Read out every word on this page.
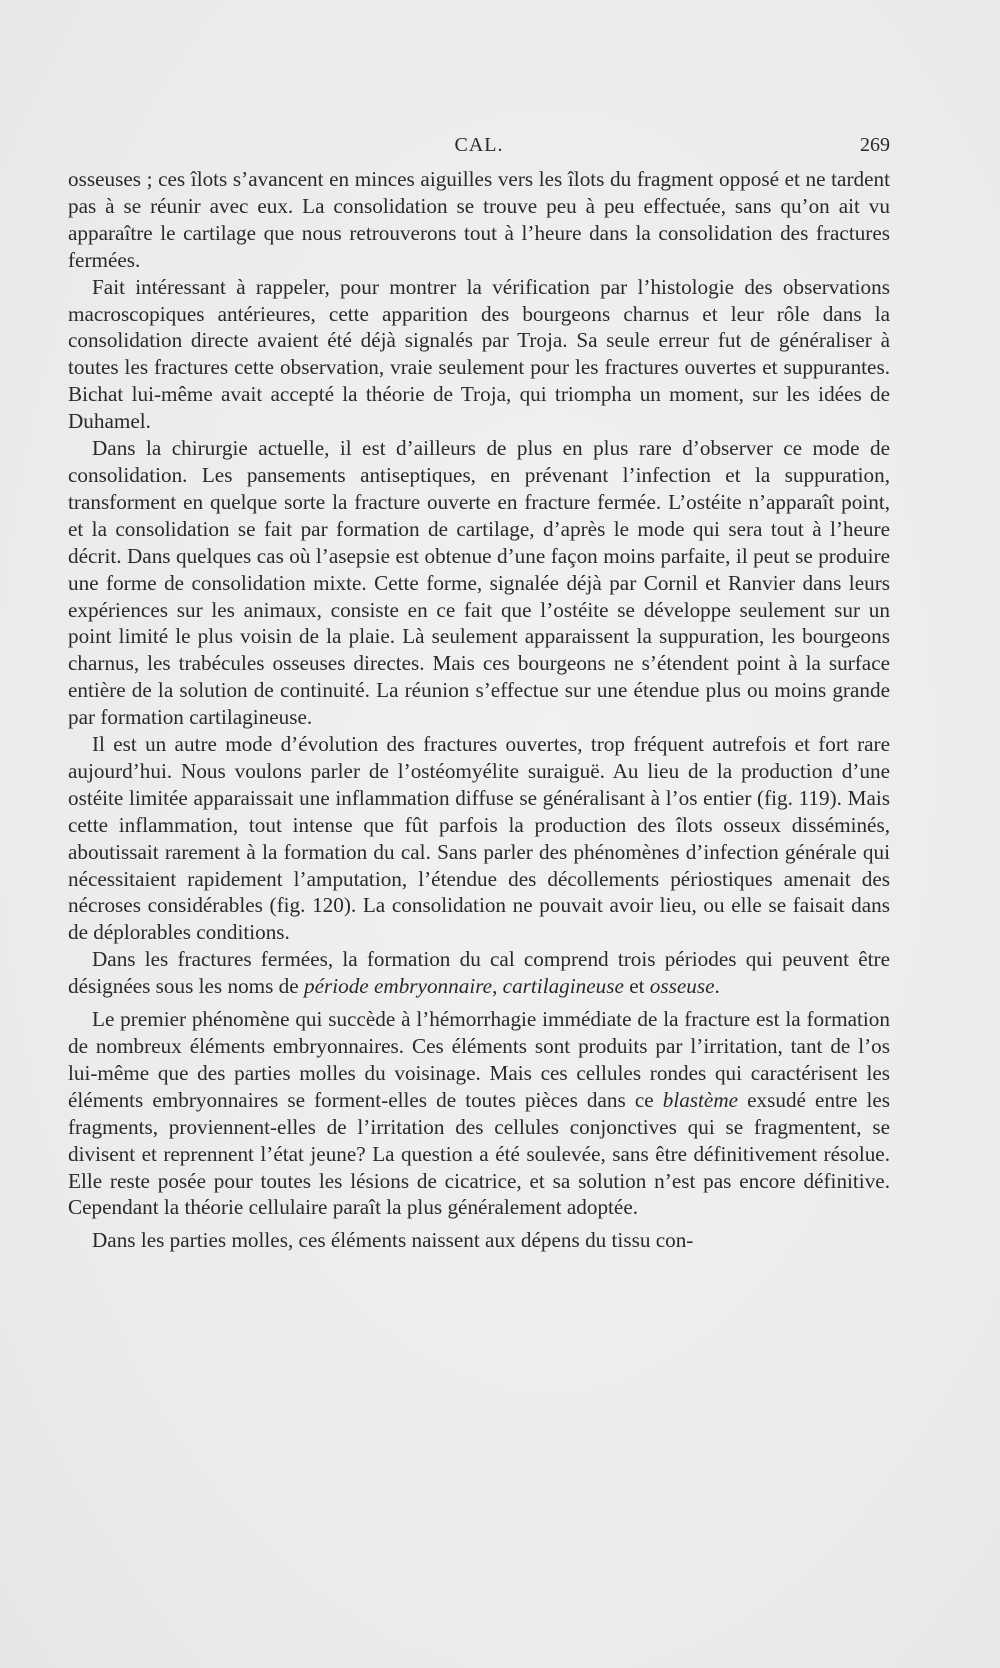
CAL.	269

osseuses ; ces îlots s’avancent en minces aiguilles vers les îlots du fragment opposé et ne tardent pas à se réunir avec eux. La consolidation se trouve peu à peu effectuée, sans qu’on ait vu apparaître le cartilage que nous retrouverons tout à l’heure dans la consolidation des fractures fermées.

Fait intéressant à rappeler, pour montrer la vérification par l’histologie des observations macroscopiques antérieures, cette apparition des bourgeons charnus et leur rôle dans la consolidation directe avaient été déjà signalés par Troja. Sa seule erreur fut de généraliser à toutes les fractures cette observation, vraie seulement pour les fractures ouvertes et suppurantes. Bichat lui-même avait accepté la théorie de Troja, qui triompha un moment, sur les idées de Duhamel.

Dans la chirurgie actuelle, il est d’ailleurs de plus en plus rare d’observer ce mode de consolidation. Les pansements antiseptiques, en prévenant l’infection et la suppuration, transforment en quelque sorte la fracture ouverte en fracture fermée. L’ostéite n’apparaît point, et la consolidation se fait par formation de cartilage, d’après le mode qui sera tout à l’heure décrit. Dans quelques cas où l’asepsie est obtenue d’une façon moins parfaite, il peut se produire une forme de consolidation mixte. Cette forme, signalée déjà par Cornil et Ranvier dans leurs expériences sur les animaux, consiste en ce fait que l’ostéite se développe seulement sur un point limité le plus voisin de la plaie. Là seulement apparaissent la suppuration, les bourgeons charnus, les trabécules osseuses directes. Mais ces bourgeons ne s’étendent point à la surface entière de la solution de continuité. La réunion s’effectue sur une étendue plus ou moins grande par formation cartilagineuse.

Il est un autre mode d’évolution des fractures ouvertes, trop fréquent autrefois et fort rare aujourd’hui. Nous voulons parler de l’ostéomyélite suraiguë. Au lieu de la production d’une ostéite limitée apparaissait une inflammation diffuse se généralisant à l’os entier (fig. 119). Mais cette inflammation, tout intense que fût parfois la production des îlots osseux disséminés, aboutissait rarement à la formation du cal. Sans parler des phénomènes d’infection générale qui nécessitaient rapidement l’amputation, l’étendue des décollements périostiques amenait des nécroses considérables (fig. 120). La consolidation ne pouvait avoir lieu, ou elle se faisait dans de déplorables conditions.

Dans les fractures fermées, la formation du cal comprend trois périodes qui peuvent être désignées sous les noms de période embryonnaire, cartilagineuse et osseuse.

Le premier phénomène qui succède à l’hémorrhagie immédiate de la fracture est la formation de nombreux éléments embryonnaires. Ces éléments sont produits par l’irritation, tant de l’os lui-même que des parties molles du voisinage. Mais ces cellules rondes qui caractérisent les éléments embryonnaires se forment-elles de toutes pièces dans ce blastème exsudé entre les fragments, proviennent-elles de l’irritation des cellules conjonctives qui se fragmentent, se divisent et reprennent l’état jeune? La question a été soulevée, sans être définitivement résolue. Elle reste posée pour toutes les lésions de cicatrice, et sa solution n’est pas encore définitive. Cependant la théorie cellulaire paraît la plus généralement adoptée.

Dans les parties molles, ces éléments naissent aux dépens du tissu con-
